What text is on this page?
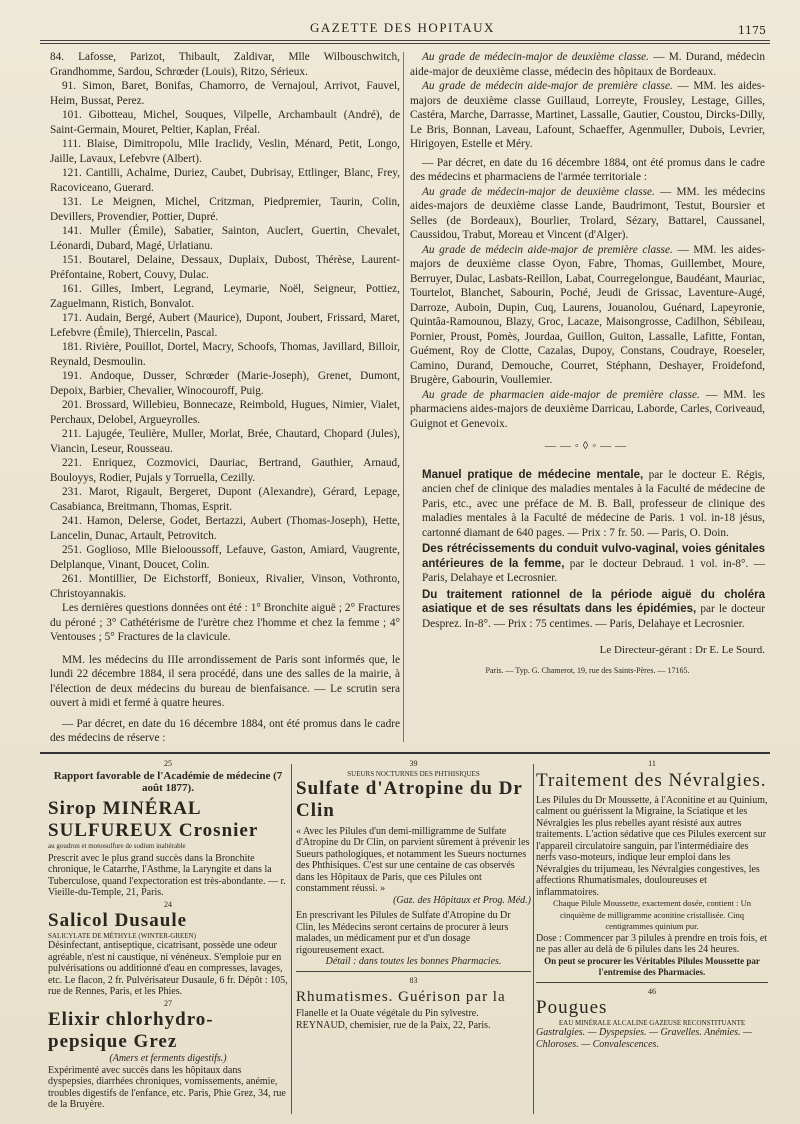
GAZETTE DES HOPITAUX	1175

84. Lafosse, Parizot, Thibault, Zaldivar, Mlle Wilbouschwitch, Grandhomme, Sardou, Schrœder (Louis), Ritzo, Sérieux.

91. Simon, Baret, Bonifas, Chamorro, de Vernajoul, Arrivot, Fauvel, Heim, Bussat, Perez.

101. Gibotteau, Michel, Souques, Vilpelle, Archambault (André), de Saint-Germain, Mouret, Peltier, Kaplan, Fréal.

111. Blaise, Dimitropolu, Mlle Iraclidy, Veslin, Ménard, Petit, Longo, Jaille, Lavaux, Lefebvre (Albert).

121. Cantilli, Achalme, Duriez, Caubet, Dubrisay, Ettlinger, Blanc, Frey, Racoviceano, Guerard.

131. Le Meignen, Michel, Critzman, Piedpremier, Taurin, Colin, Devillers, Provendier, Pottier, Dupré.

141. Muller (Émile), Sabatier, Sainton, Auclert, Guertin, Chevalet, Léonardi, Dubard, Magé, Urlatianu.

151. Boutarel, Delaine, Dessaux, Duplaix, Dubost, Thérèse, Laurent-Préfontaine, Robert, Couvy, Dulac.

161. Gilles, Imbert, Legrand, Leymarie, Noël, Seigneur, Pottiez, Zaguelmann, Ristich, Bonvalot.

171. Audain, Bergé, Aubert (Maurice), Dupont, Joubert, Frissard, Maret, Lefebvre (Émile), Thiercelin, Pascal.

181. Rivière, Pouillot, Dortel, Macry, Schoofs, Thomas, Javillard, Billoir, Reynald, Desmoulin.

191. Andoque, Dusser, Schrœder (Marie-Joseph), Grenet, Dumont, Depoix, Barbier, Chevalier, Winocouroff, Puig.

201. Brossard, Willebieu, Bonnecaze, Reimbold, Hugues, Nimier, Vialet, Perchaux, Delobel, Argueyrolles.

211. Lajugée, Teulière, Muller, Morlat, Brée, Chautard, Chopard (Jules), Viancin, Leseur, Rousseau.

221. Enriquez, Cozmovici, Dauriac, Bertrand, Gauthier, Arnaud, Bouloyys, Rodier, Pujals y Torruella, Cezilly.

231. Marot, Rigault, Bergeret, Dupont (Alexandre), Gérard, Lepage, Casabianca, Breitmann, Thomas, Esprit.

241. Hamon, Delerse, Godet, Bertazzi, Aubert (Thomas-Joseph), Hette, Lancelin, Dunac, Artault, Petrovitch.

251. Goglioso, Mlle Bielooussoff, Lefauve, Gaston, Amiard, Vaugrente, Delplanque, Vinant, Doucet, Colin.

261. Montillier, De Eichstorff, Bonieux, Rivalier, Vinson, Vothronto, Christoyannakis.

Les dernières questions données ont été : 1° Bronchite aiguë ; 2° Fractures du péroné ; 3° Cathétérisme de l'urètre chez l'homme et chez la femme ; 4° Ventouses ; 5° Fractures de la clavicule.

MM. les médecins du IIIe arrondissement de Paris sont informés que, le lundi 22 décembre 1884, il sera procédé, dans une des salles de la mairie, à l'élection de deux médecins du bureau de bienfaisance. — Le scrutin sera ouvert à midi et fermé à quatre heures.

— Par décret, en date du 16 décembre 1884, ont été promus dans le cadre des médecins de réserve :

Au grade de médecin-major de deuxième classe. — M. Durand, médecin aide-major de deuxième classe, médecin des hôpitaux de Bordeaux.

Au grade de médecin aide-major de première classe. — MM. les aides-majors de deuxième classe Guillaud, Lorreyte, Frousley, Lestage, Gilles, Castéra, Marche, Darrasse, Martinet, Lassalle, Gautier, Coustou, Dircks-Dilly, Le Bris, Bonnan, Laveau, Lafount, Schaeffer, Agenmuller, Dubois, Levrier, Hirigoyen, Estelle et Méry.

— Par décret, en date du 16 décembre 1884, ont été promus dans le cadre des médecins et pharmaciens de l'armée territoriale :

Au grade de médecin-major de deuxième classe. — MM. les médecins aides-majors de deuxième classe Lande, Baudrimont, Testut, Boursier et Selles (de Bordeaux), Bourlier, Trolard, Sézary, Battarel, Caussanel, Caussidou, Trabut, Moreau et Vincent (d'Alger).

Au grade de médecin aide-major de première classe. — MM. les aides-majors de deuxième classe Oyon, Fabre, Thomas, Guillembet, Moure, Berruyer, Dulac, Lasbats-Reillon, Labat, Courregelongue, Baudéant, Mauriac, Tourtelot, Blanchet, Sabourin, Poché, Jeudi de Grissac, Laventure-Augé, Darroze, Auboin, Dupin, Cuq, Laurens, Jouanolou, Guénard, Lapeyronie, Quintâa-Ramounou, Blazy, Groc, Lacaze, Maisongrosse, Cadilhon, Sébileau, Pornier, Proust, Pomès, Jourdaa, Guillon, Guiton, Lassalle, Lafitte, Fontan, Guément, Roy de Clotte, Cazalas, Dupoy, Constans, Coudraye, Roeseler, Camino, Durand, Demouche, Courret, Stéphann, Deshayer, Froidefond, Brugère, Gabourin, Voullemier.

Au grade de pharmacien aide-major de première classe. — MM. les pharmaciens aides-majors de deuxième Darricau, Laborde, Carles, Coriveaud, Guignot et Genevoix.

——◦◊◦——

Manuel pratique de médecine mentale, par le docteur E. Régis, ancien chef de clinique des maladies mentales à la Faculté de médecine de Paris, etc., avec une préface de M. B. Ball, professeur de clinique des maladies mentales à la Faculté de médecine de Paris. 1 vol. in-18 jésus, cartonné diamant de 640 pages. — Prix : 7 fr. 50. — Paris, O. Doin.

Des rétrécissements du conduit vulvo-vaginal, voies génitales antérieures de la femme, par le docteur Debraud. 1 vol. in-8°. — Paris, Delahaye et Lecrosnier.

Du traitement rationnel de la période aiguë du choléra asiatique et de ses résultats dans les épidémies, par le docteur Desprez. In-8°. — Prix : 75 centimes. — Paris, Delahaye et Lecrosnier.

Le Directeur-gérant : Dr E. Le Sourd.
Paris. — Typ. G. Chamerot, 19, rue des Saints-Pères. — 17165.

25

Rapport favorable de l'Académie de médecine (7 août 1877).

Sirop MINÉRAL SULFUREUX Crosnier

au goudron et monosulfure de sodium inaltérable

Prescrit avec le plus grand succès dans la Bronchite chronique, le Catarrhe, l'Asthme, la Laryngite et dans la Tuberculose, quand l'expectoration est très-abondante. — r. Vieille-du-Temple, 21, Paris.

24

Salicol Dusaule

SALICYLATE DE MÉTHYLE (WINTER-GREEN)

Désinfectant, antiseptique, cicatrisant, possède une odeur agréable, n'est ni caustique, ni vénéneux. S'emploie pur en pulvérisations ou additionné d'eau en compresses, lavages, etc. Le flacon, 2 fr. Pulvérisateur Dusaule, 6 fr. Dépôt : 105, rue de Rennes, Paris, et les Phies.

27

Elixir chlorhydro-pepsique Grez

(Amers et ferments digestifs.)

Expérimenté avec succès dans les hôpitaux dans dyspepsies, diarrhées chroniques, vomissements, anémie, troubles digestifs de l'enfance, etc. Paris, Phie Grez, 34, rue de la Bruyère.

39

SUEURS NOCTURNES DES PHTHISIQUES

Sulfate d'Atropine du Dr Clin

« Avec les Pilules d'un demi-milligramme de Sulfate d'Atropine du Dr Clin, on parvient sûrement à prévenir les Sueurs pathologiques, et notamment les Sueurs nocturnes des Phthisiques. C'est sur une centaine de cas observés dans les Hôpitaux de Paris, que ces Pilules ont constamment réussi. »

(Gaz. des Hôpitaux et Prog. Méd.)

En prescrivant les Pilules de Sulfate d'Atropine du Dr Clin, les Médecins seront certains de procurer à leurs malades, un médicament pur et d'un dosage rigoureusement exact.

Détail : dans toutes les bonnes Pharmacies.

83

Rhumatismes. Guérison par la

Flanelle et la Ouate végétale du Pin sylvestre. REYNAUD, chemisier, rue de la Paix, 22, Paris.

11

Traitement des Névralgies.

Les Pilules du Dr Moussette, à l'Aconitine et au Quinium, calment ou guérissent la Migraine, la Sciatique et les Névralgies les plus rebelles ayant résisté aux autres traitements. L'action sédative que ces Pilules exercent sur l'appareil circulatoire sanguin, par l'intermédiaire des nerfs vaso-moteurs, indique leur emploi dans les Névralgies du trijumeau, les Névralgies congestives, les affections Rhumatismales, douloureuses et inflammatoires.

Chaque Pilule Moussette, exactement dosée, contient : Un cinquième de milligramme aconitine cristallisée. Cinq centigrammes quinium pur.

Dose : Commencer par 3 pilules à prendre en trois fois, et ne pas aller au delà de 6 pilules dans les 24 heures.

On peut se procurer les Véritables Pilules Moussette par l'entremise des Pharmacies.

46

Pougues

EAU MINÉRALE ALCALINE GAZEUSE RECONSTITUANTE

Gastralgies. — Dyspepsies. — Gravelles. Anémies. — Chloroses. — Convalescences.
